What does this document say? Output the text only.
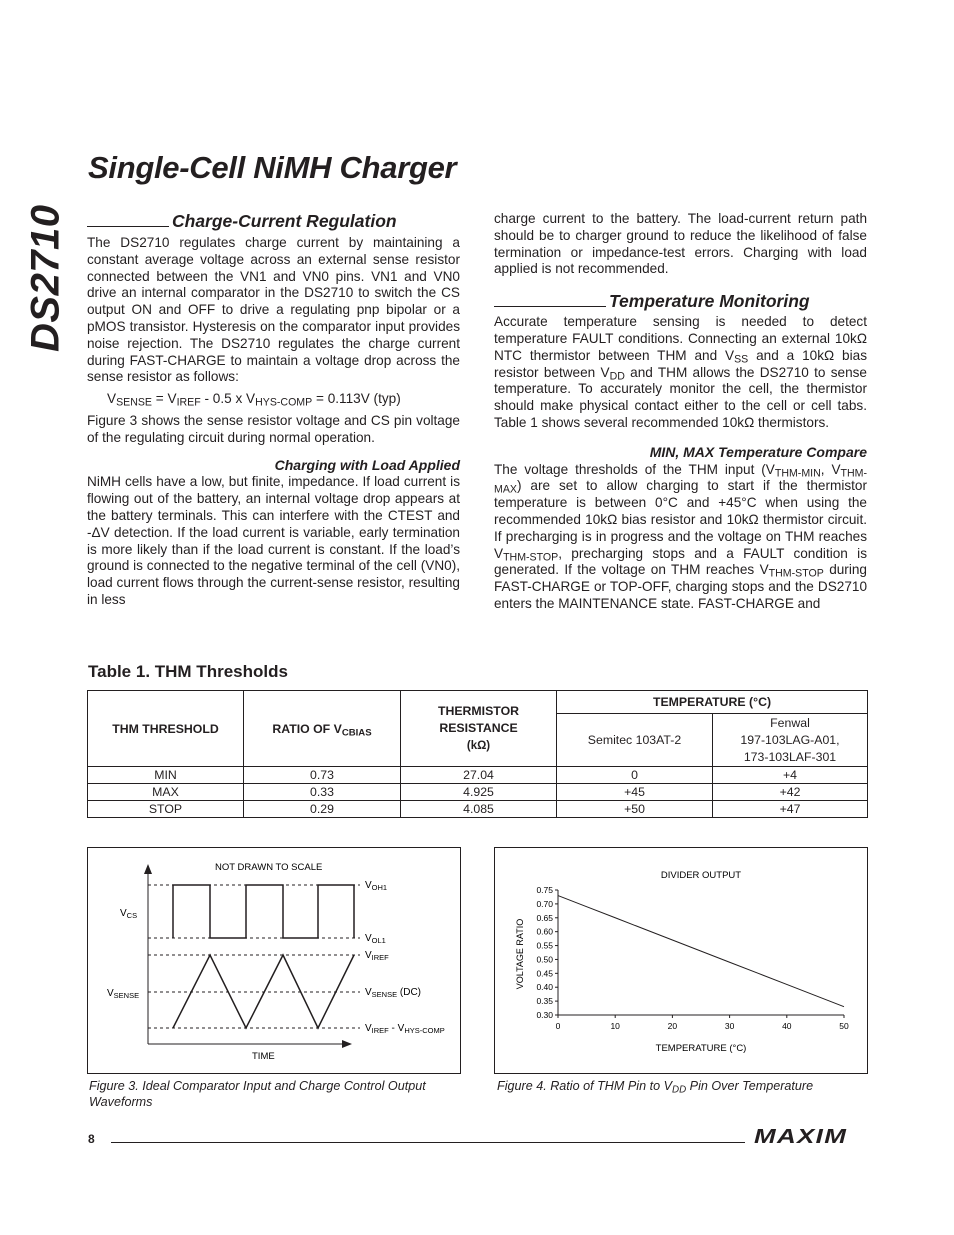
DS2710
Single-Cell NiMH Charger
Charge-Current Regulation

The DS2710 regulates charge current by maintaining a constant average voltage across an external sense resistor connected between the VN1 and VN0 pins. VN1 and VN0 drive an internal comparator in the DS2710 to switch the CS output ON and OFF to drive a regulating pnp bipolar or a pMOS transistor. Hysteresis on the comparator input provides noise rejection. The DS2710 regulates the charge current during FAST-CHARGE to maintain a voltage drop across the sense resistor as follows:

$V_{SENSE} = V_{IREF} - 0.5$ x $V_{HYS-COMP} = 0.113V$ (typ)

Figure 3 shows the sense resistor voltage and CS pin voltage of the regulating circuit during normal operation.

Charging with Load Applied

NiMH cells have a low, but finite, impedance. If load current is flowing out of the battery, an internal voltage drop appears at the battery terminals. This can interfere with the CTEST and -ΔV detection. If the load current is variable, early termination is more likely than if the load current is constant. If the load’s ground is connected to the negative terminal of the cell (VN0), load current flows through the current-sense resistor, resulting in less

charge current to the battery. The load-current return path should be to charger ground to reduce the likelihood of false termination or impedance-test errors. Charging with load applied is not recommended.

Temperature Monitoring

Accurate temperature sensing is needed to detect temperature FAULT conditions. Connecting an external 10kΩ NTC thermistor between THM and $V_{SS}$ and a 10kΩ bias resistor between $V_{DD}$ and THM allows the DS2710 to sense temperature. To accurately monitor the cell, the thermistor should make physical contact either to the cell or cell tabs. Table 1 shows several recommended 10kΩ thermistors.

MIN, MAX Temperature Compare

The voltage thresholds of the THM input ($V_{THM-MIN}$, $V_{THM-MAX}$) are set to allow charging to start if the thermistor temperature is between 0°C and +45°C when using the recommended 10kΩ bias resistor and 10kΩ thermistor circuit. If precharging is in progress and the voltage on THM reaches $V_{THM-STOP}$, precharging stops and a FAULT condition is generated. If the voltage on THM reaches $V_{THM-STOP}$ during FAST-CHARGE or TOP-OFF, charging stops and the DS2710 enters the MAINTENANCE state. FAST-CHARGE and

Table 1. THM Thresholds
THM THRESHOLD	RATIO OF $V_{CBIAS}$	THERMISTOR
RESISTANCE
(kΩ)	TEMPERATURE (°C)	
			Semitec 103AT-2	Fenwal
197-103LAG-A01,
173-103LAF-301
MIN	0.73	27.04	0	+4
MAX	0.33	4.925	+45	+42
STOP	0.29	4.085	+50	+47
NOT DRAWN TO SCALE
$V_{CS}$
$V_{SENSE}$
$V_{OH1}$
$V_{OL1}$
$V_{IREF}$
$V_{SENSE}$ (DC)
$V_{IREF} - V_{HYS-COMP}$
TIME
Figure 3. Ideal Comparator Input and Charge Control Output Waveforms
DIVIDER OUTPUT
0.75
0.70
0.65
0.60
0.55
0.50
0.45
0.40
0.35
0.30
0	10	20	30	40	50
TEMPERATURE (°C)
VOLTAGE RATIO
Figure 4. Ratio of THM Pin to $V_{DD}$ Pin Over Temperature
8	MAXIM
